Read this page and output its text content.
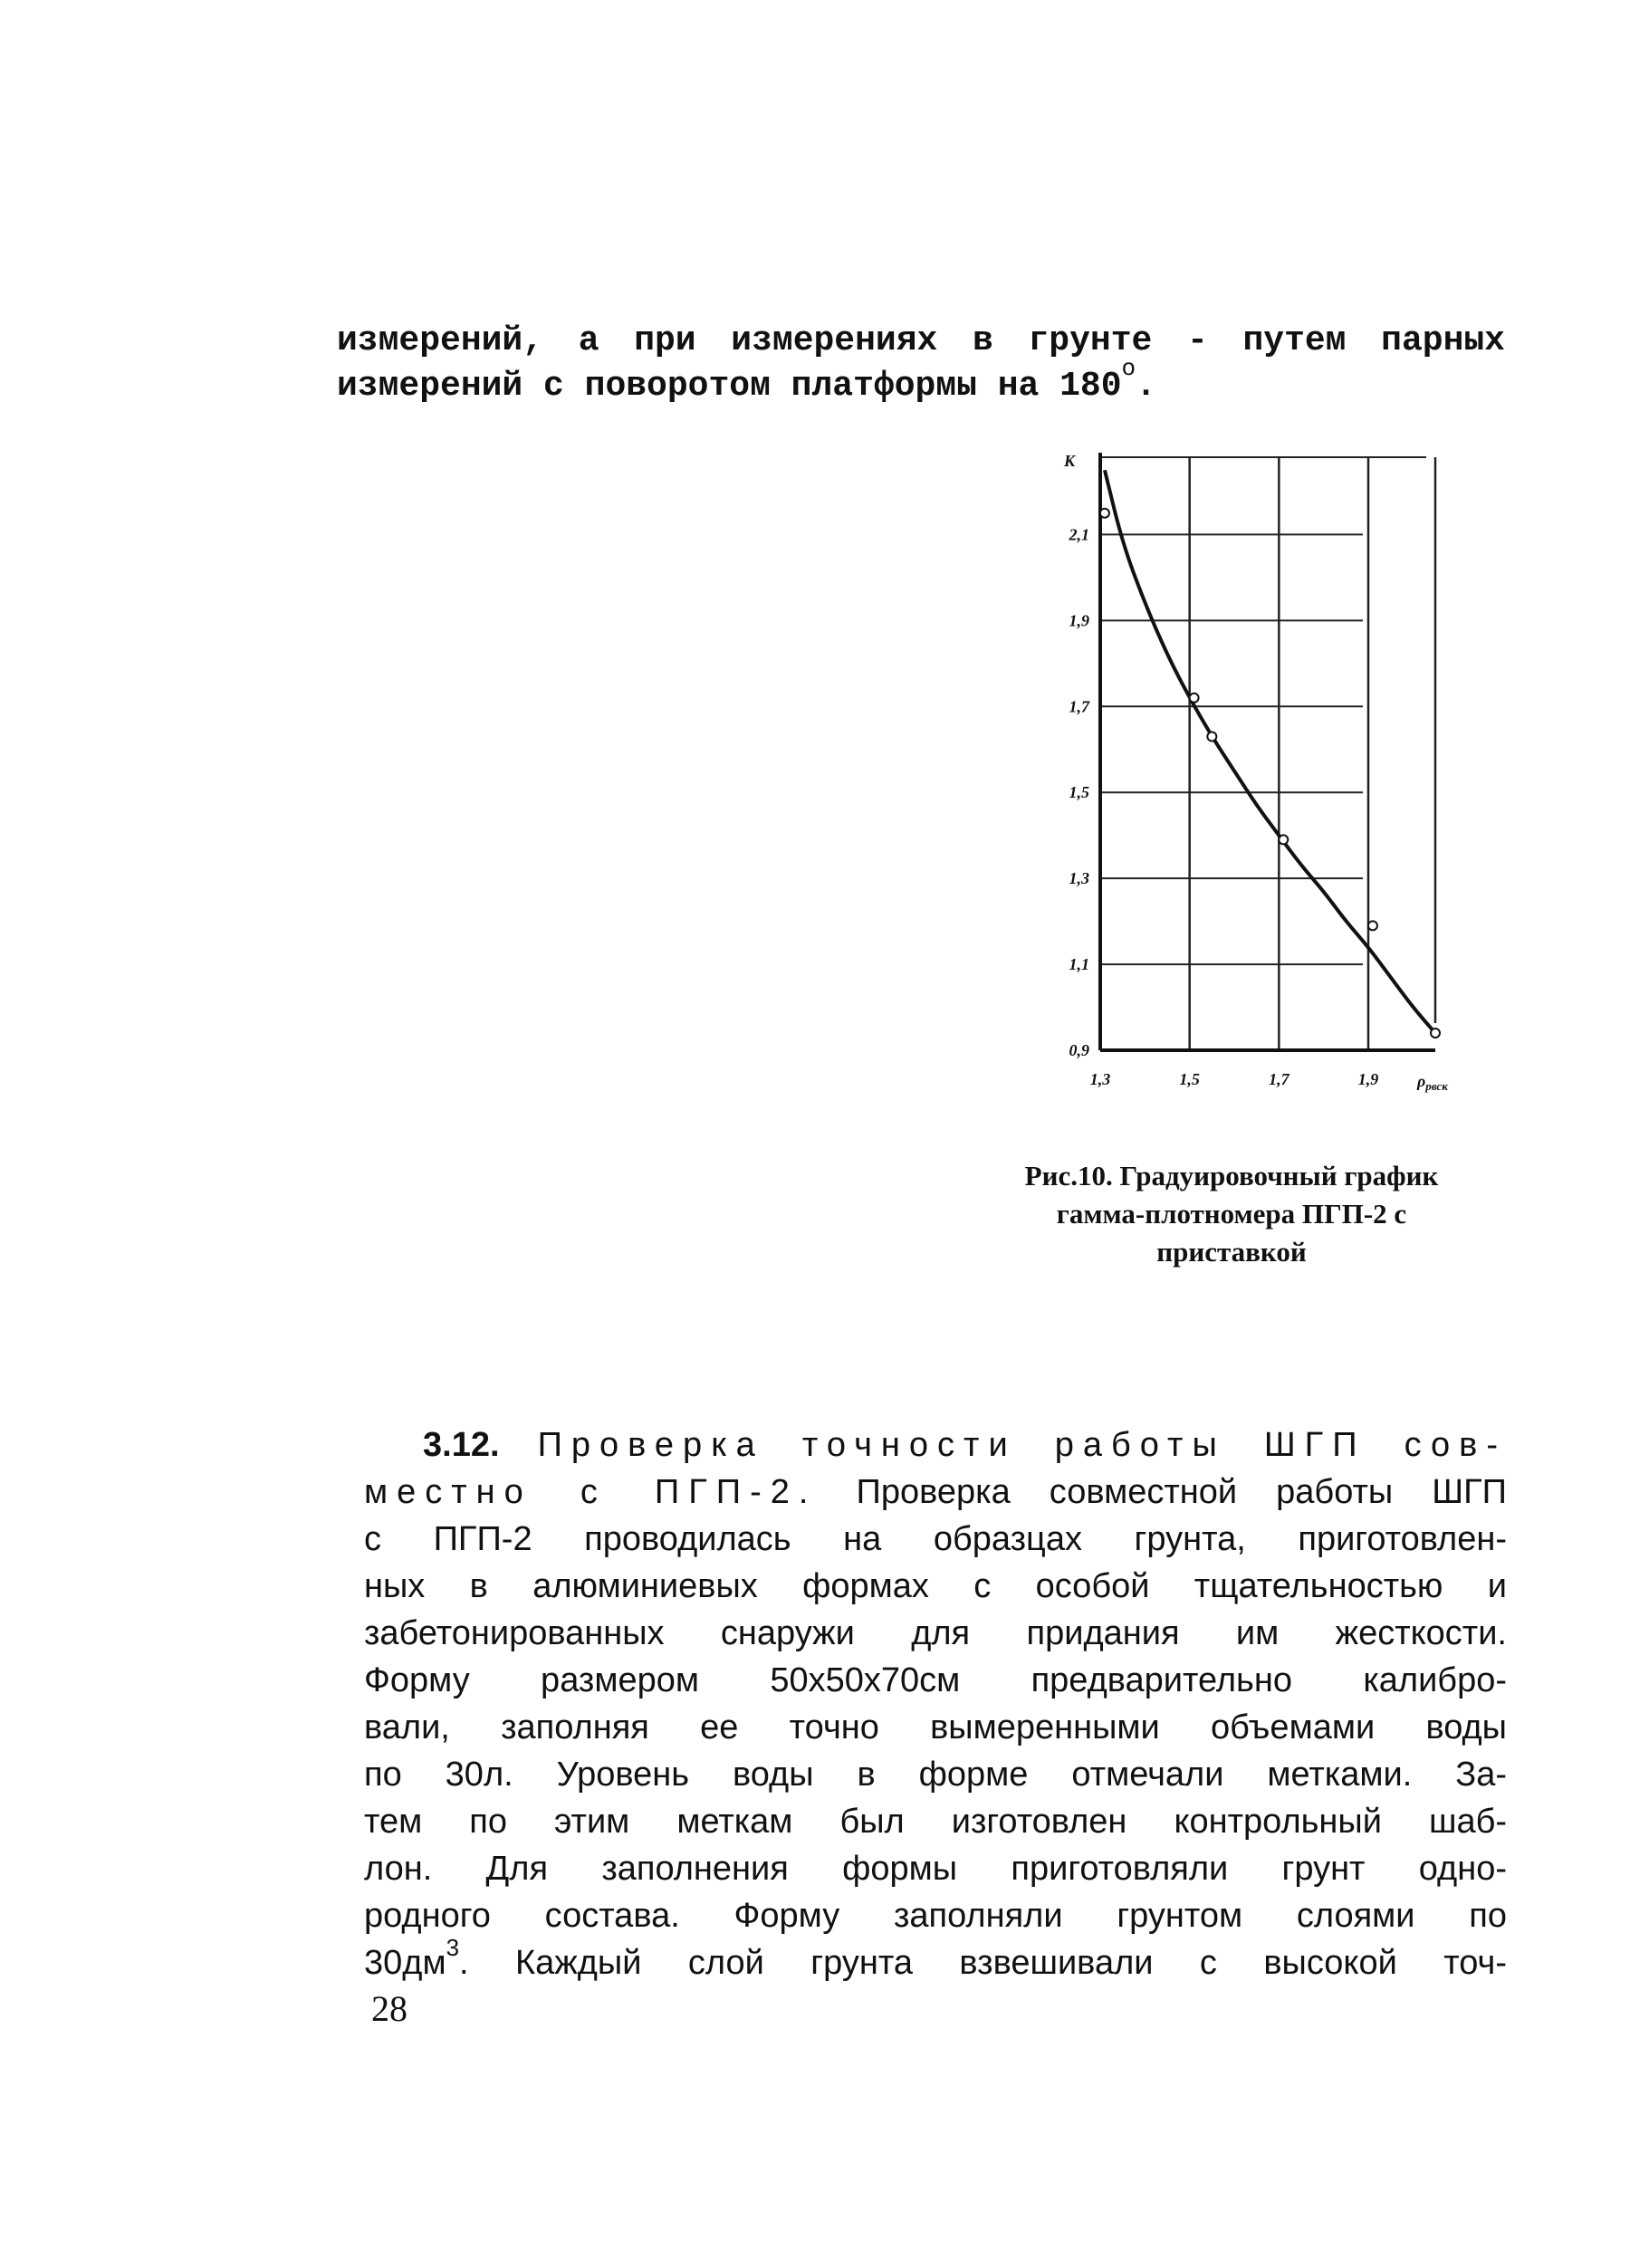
измерений, а при измерениях в грунте - путем парных
измерений с поворотом платформы на $180^о$.
1,3	1,5	1,7	1,9
0,9
1,1
1,3
1,5
1,7
1,9
2,1
К
$\rho_{рвск}$
Рис.10. Градуировочный график
гамма-плотномера ПГП-2 с
приставкой
3.12. Проверка точности работы ШГП сов-
местно с ПГП-2. Проверка совместной работы ШГП
с ПГП-2 проводилась на образцах грунта, приготовлен-
ных в алюминиевых формах с особой тщательностью и
забетонированных снаружи для придания им жесткости.
Форму размером 50х50х70см предварительно калибро-
вали, заполняя ее точно вымеренными объемами воды
по 30л. Уровень воды в форме отмечали метками. За-
тем по этим меткам был изготовлен контрольный шаб-
лон. Для заполнения формы приготовляли грунт одно-
родного состава. Форму заполняли грунтом слоями по
$30дм^3$. Каждый слой грунта взвешивали с высокой точ-
28
